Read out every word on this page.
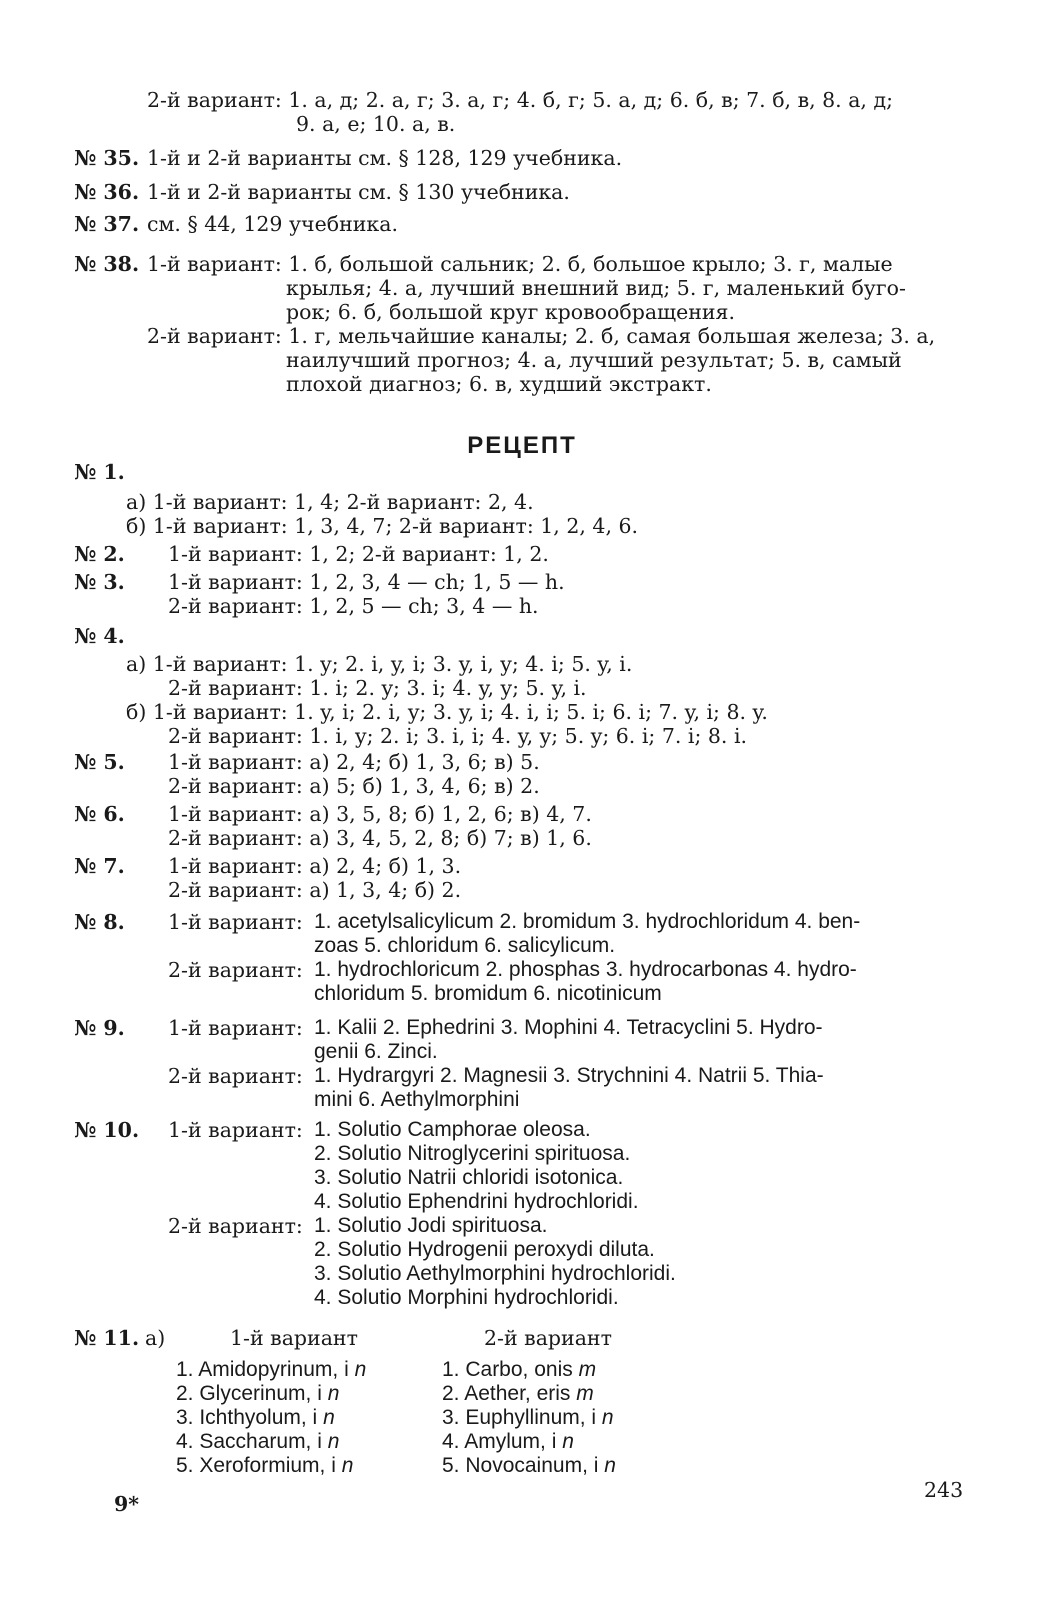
2-й вариант: 1. а, д; 2. а, г; 3. а, г; 4. б, г; 5. а, д; 6. б, в; 7. б, в, 8. а, д;
9. а, е; 10. а, в.
№ 35. 1-й и 2-й варианты см. § 128, 129 учебника.
№ 36. 1-й и 2-й варианты см. § 130 учебника.
№ 37. см. § 44, 129 учебника.
№ 38. 1-й вариант: 1. б, большой сальник; 2. б, большое крыло; 3. г, малые
крылья; 4. а, лучший внешний вид; 5. г, маленький буго-
рок; 6. б, большой круг кровообращения.
2-й вариант: 1. г, мельчайшие каналы; 2. б, самая большая железа; 3. а,
наилучший прогноз; 4. а, лучший результат; 5. в, самый
плохой диагноз; 6. в, худший экстракт.
РЕЦЕПТ
№ 1.
а) 1-й вариант: 1, 4; 2-й вариант: 2, 4.
б) 1-й вариант: 1, 3, 4, 7; 2-й вариант: 1, 2, 4, 6.
№ 2. 1-й вариант: 1, 2; 2-й вариант: 1, 2.
№ 3. 1-й вариант: 1, 2, 3, 4 — ch; 1, 5 — h.
2-й вариант: 1, 2, 5 — ch; 3, 4 — h.
№ 4.
а) 1-й вариант: 1. y; 2. i, y, i; 3. y, i, y; 4. i; 5. y, i.
2-й вариант: 1. i; 2. y; 3. i; 4. y, y; 5. y, i.
б) 1-й вариант: 1. y, i; 2. i, y; 3. y, i; 4. i, i; 5. i; 6. i; 7. y, i; 8. y.
2-й вариант: 1. i, y; 2. i; 3. i, i; 4. y, y; 5. y; 6. i; 7. i; 8. i.
№ 5. 1-й вариант: а) 2, 4; б) 1, 3, 6; в) 5.
2-й вариант: а) 5; б) 1, 3, 4, 6; в) 2.
№ 6. 1-й вариант: а) 3, 5, 8; б) 1, 2, 6; в) 4, 7.
2-й вариант: а) 3, 4, 5, 2, 8; б) 7; в) 1, 6.
№ 7. 1-й вариант: а) 2, 4; б) 1, 3.
2-й вариант: а) 1, 3, 4; б) 2.
№ 8. 1-й вариант: 1. acetylsalicylicum 2. bromidum 3. hydrochloridum 4. ben-
zoas 5. chloridum 6. salicylicum.
2-й вариант: 1. hydrochloricum 2. phosphas 3. hydrocarbonas 4. hydro-
chloridum 5. bromidum 6. nicotinicum
№ 9. 1-й вариант: 1. Kalii 2. Ephedrini 3. Mophini 4. Tetracyclini 5. Hydro-
genii 6. Zinci.
2-й вариант: 1. Hydrargyri 2. Magnesii 3. Strychnini 4. Natrii 5. Thia-
mini 6. Aethylmorphini
№ 10. 1-й вариант: 1. Solutio Camphorae oleosa.
2. Solutio Nitroglycerini spirituosa.
3. Solutio Natrii chloridi isotonica.
4. Solutio Ephendrini hydrochloridi.
2-й вариант: 1. Solutio Jodi spirituosa.
2. Solutio Hydrogenii peroxydi diluta.
3. Solutio Aethylmorphini hydrochloridi.
4. Solutio Morphini hydrochloridi.
№ 11. а)	1-й вариант	2-й вариант
1. Amidopyrinum, i n
2. Glycerinum, i n
3. Ichthyolum, i n
4. Saccharum, i n
5. Xeroformium, i n
1. Carbo, onis m
2. Aether, eris m
3. Euphyllinum, i n
4. Amylum, i n
5. Novocainum, i n
9*
243
